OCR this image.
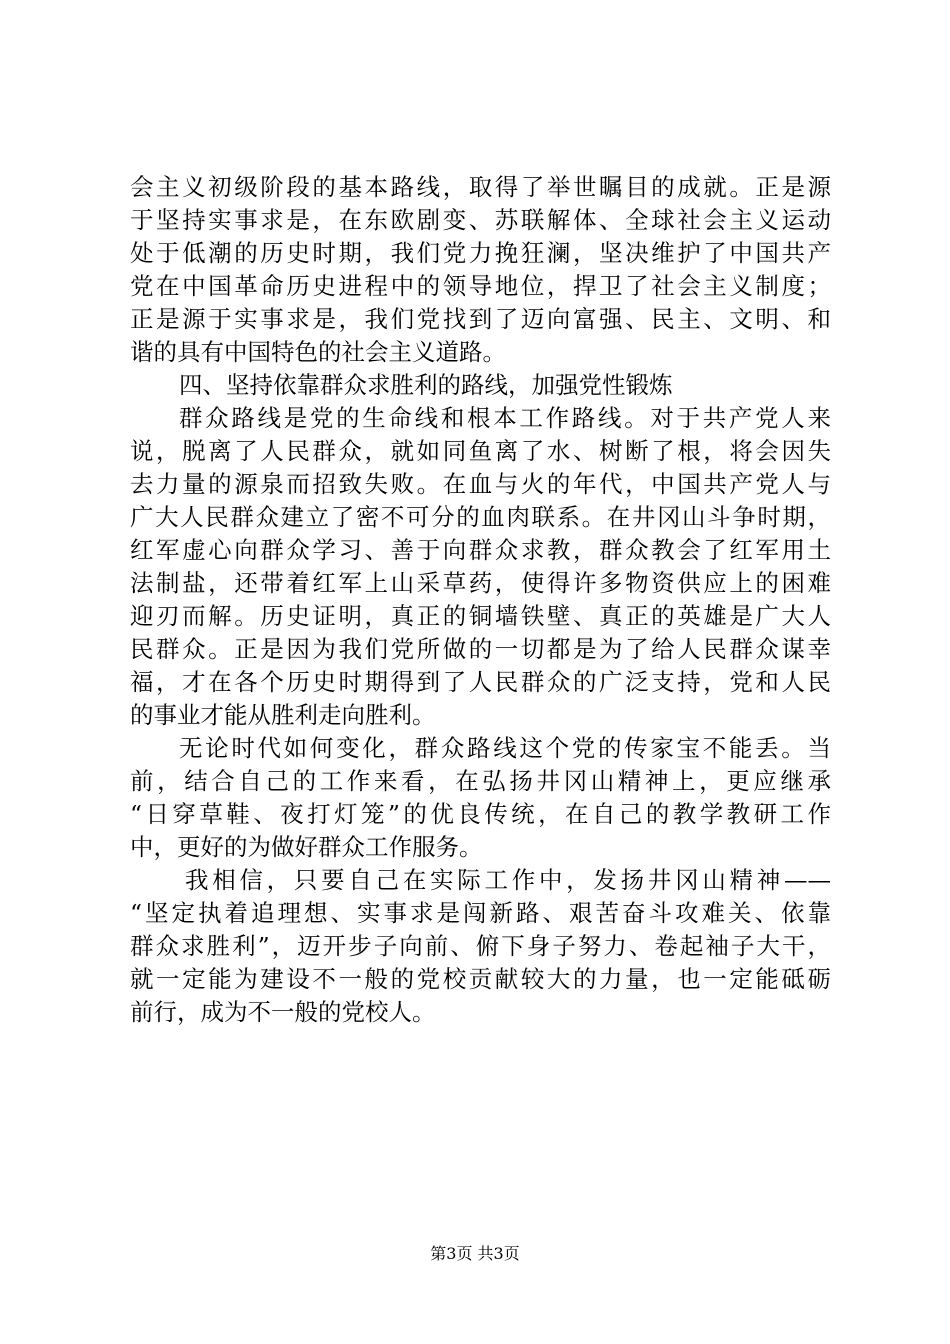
会主义初级阶段的基本路线，取得了举世瞩目的成就。正是源
于坚持实事求是，在东欧剧变、苏联解体、全球社会主义运动
处于低潮的历史时期，我们党力挽狂澜，坚决维护了中国共产
党在中国革命历史进程中的领导地位，捍卫了社会主义制度；
正是源于实事求是，我们党找到了迈向富强、民主、文明、和
谐的具有中国特色的社会主义道路。
四、坚持依靠群众求胜利的路线，加强党性锻炼
群众路线是党的生命线和根本工作路线。对于共产党人来
说，脱离了人民群众，就如同鱼离了水、树断了根，将会因失
去力量的源泉而招致失败。在血与火的年代，中国共产党人与
广大人民群众建立了密不可分的血肉联系。在井冈山斗争时期，
红军虚心向群众学习、善于向群众求教，群众教会了红军用土
法制盐，还带着红军上山采草药，使得许多物资供应上的困难
迎刃而解。历史证明，真正的铜墙铁壁、真正的英雄是广大人
民群众。正是因为我们党所做的一切都是为了给人民群众谋幸
福，才在各个历史时期得到了人民群众的广泛支持，党和人民
的事业才能从胜利走向胜利。
无论时代如何变化，群众路线这个党的传家宝不能丢。当
前，结合自己的工作来看，在弘扬井冈山精神上，更应继承
“日穿草鞋、夜打灯笼”的优良传统，在自己的教学教研工作
中，更好的为做好群众工作服务。
我相信，只要自己在实际工作中，发扬井冈山精神——
“坚定执着追理想、实事求是闯新路、艰苦奋斗攻难关、依靠
群众求胜利”，迈开步子向前、俯下身子努力、卷起袖子大干，
就一定能为建设不一般的党校贡献较大的力量，也一定能砥砺
前行，成为不一般的党校人。
第3页 共3页
